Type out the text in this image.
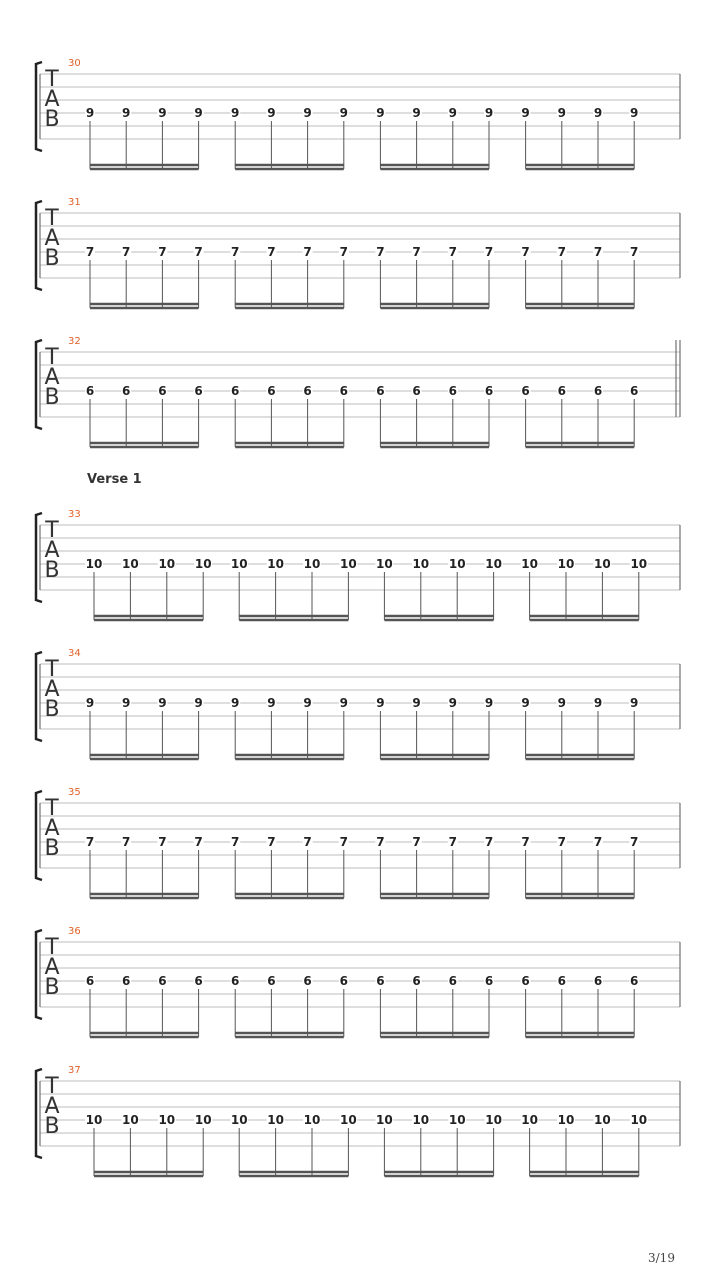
30
T
A
B 9 9 9 9 9 9 9 9 9 9 9 9 9 9 9 9
31
T
A
B 7 7 7 7 7 7 7 7 7 7 7 7 7 7 7 7
32
T
A
B 6 6 6 6 6 6 6 6 6 6 6 6 6 6 6 6
33
T
A
B 10 10 10 10 10 10 10 10 10 10 10 10 10 10 10 10
34
T
A
B 9 9 9 9 9 9 9 9 9 9 9 9 9 9 9 9
35
T
A
B 7 7 7 7 7 7 7 7 7 7 7 7 7 7 7 7
36
T
A
B 6 6 6 6 6 6 6 6 6 6 6 6 6 6 6 6
37
T
A
B 10 10 10 10 10 10 10 10 10 10 10 10 10 10 10 10
Verse 1
3/19
